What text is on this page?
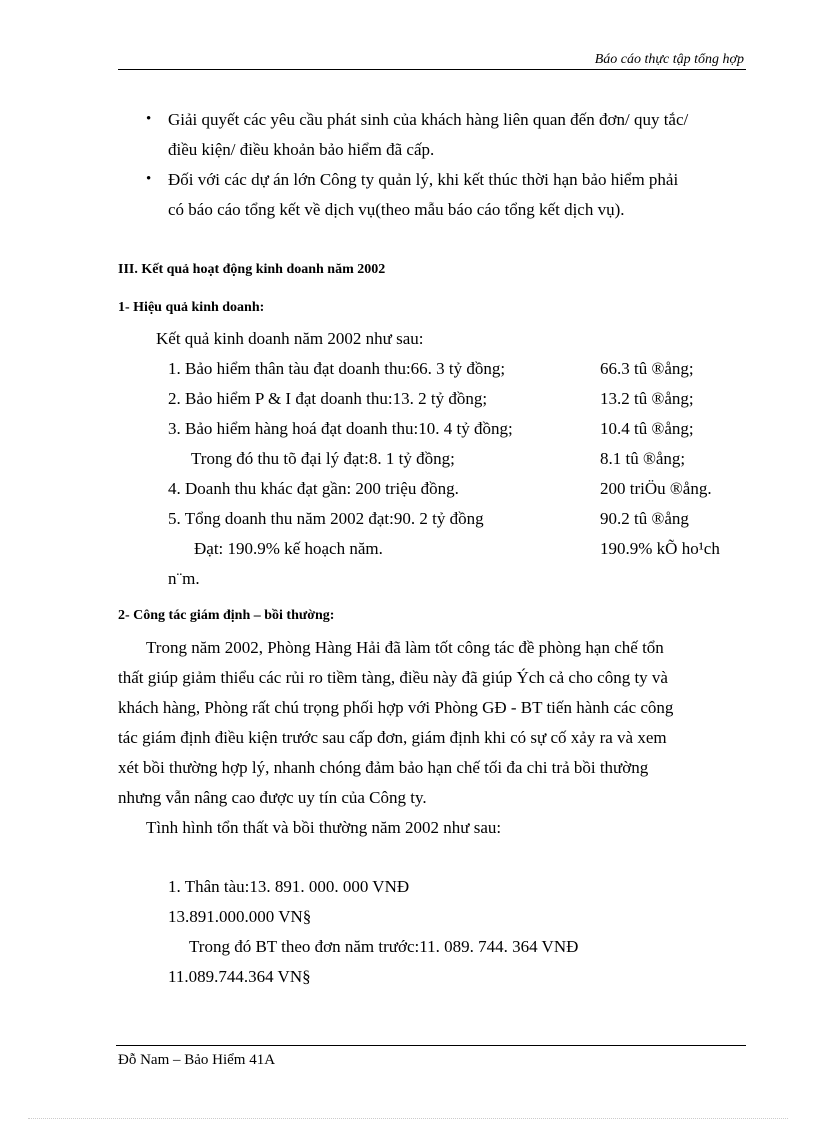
Báo cáo thực tập tổng hợp
• Giải quyết các yêu cầu phát sinh của khách hàng liên quan đến đơn/ quy tắc/
điều kiện/ điều khoản bảo hiểm đã cấp.
• Đối với các dự án lớn Công ty quản lý, khi kết thúc thời hạn bảo hiểm phải
có báo cáo tổng kết về dịch vụ(theo mẫu báo cáo tổng kết dịch vụ).
III. Kết quả hoạt động kinh doanh năm 2002
1- Hiệu quả kinh doanh:
Kết quả kinh doanh năm 2002 như sau:
1. Bảo hiểm thân tàu đạt doanh thu:66. 3 tỷ đồng;	66.3 tû ®ång;
2. Bảo hiểm P & I đạt doanh thu:13. 2 tỷ đồng;	13.2 tû ®ång;
3. Bảo hiểm hàng hoá đạt doanh thu:10. 4 tỷ đồng;	10.4 tû ®ång;
Trong đó thu tõ đại lý đạt:8. 1 tỷ đồng;	8.1 tû ®ång;
4. Doanh thu khác đạt gần: 200 triệu đồng.	200 triÖu ®ång.
5. Tổng doanh thu năm 2002 đạt:90. 2 tỷ đồng	90.2 tû ®ång
Đạt: 190.9% kế hoạch năm.	190.9% kÕ ho¹ch
n¨m.
2- Công tác giám định – bồi thường:
Trong năm 2002, Phòng Hàng Hải đã làm tốt công tác đề phòng hạn chế tổn
thất giúp giảm thiểu các rủi ro tiềm tàng, điều này đã giúp Ých cả cho công ty và
khách hàng, Phòng rất chú trọng phối hợp với Phòng GĐ - BT tiến hành các công
tác giám định điều kiện trước sau cấp đơn, giám định khi có sự cố xảy ra và xem
xét bồi thường hợp lý, nhanh chóng đảm bảo hạn chế tối đa chi trả bồi thường
nhưng vẫn nâng cao được uy tín của Công ty.
Tình hình tổn thất và bồi thường năm 2002 như sau:
1. Thân tàu:13. 891. 000. 000 VNĐ
13.891.000.000 VN§
Trong đó BT theo đơn năm trước:11. 089. 744. 364 VNĐ
11.089.744.364 VN§
Đỗ Nam – Bảo Hiểm 41A
